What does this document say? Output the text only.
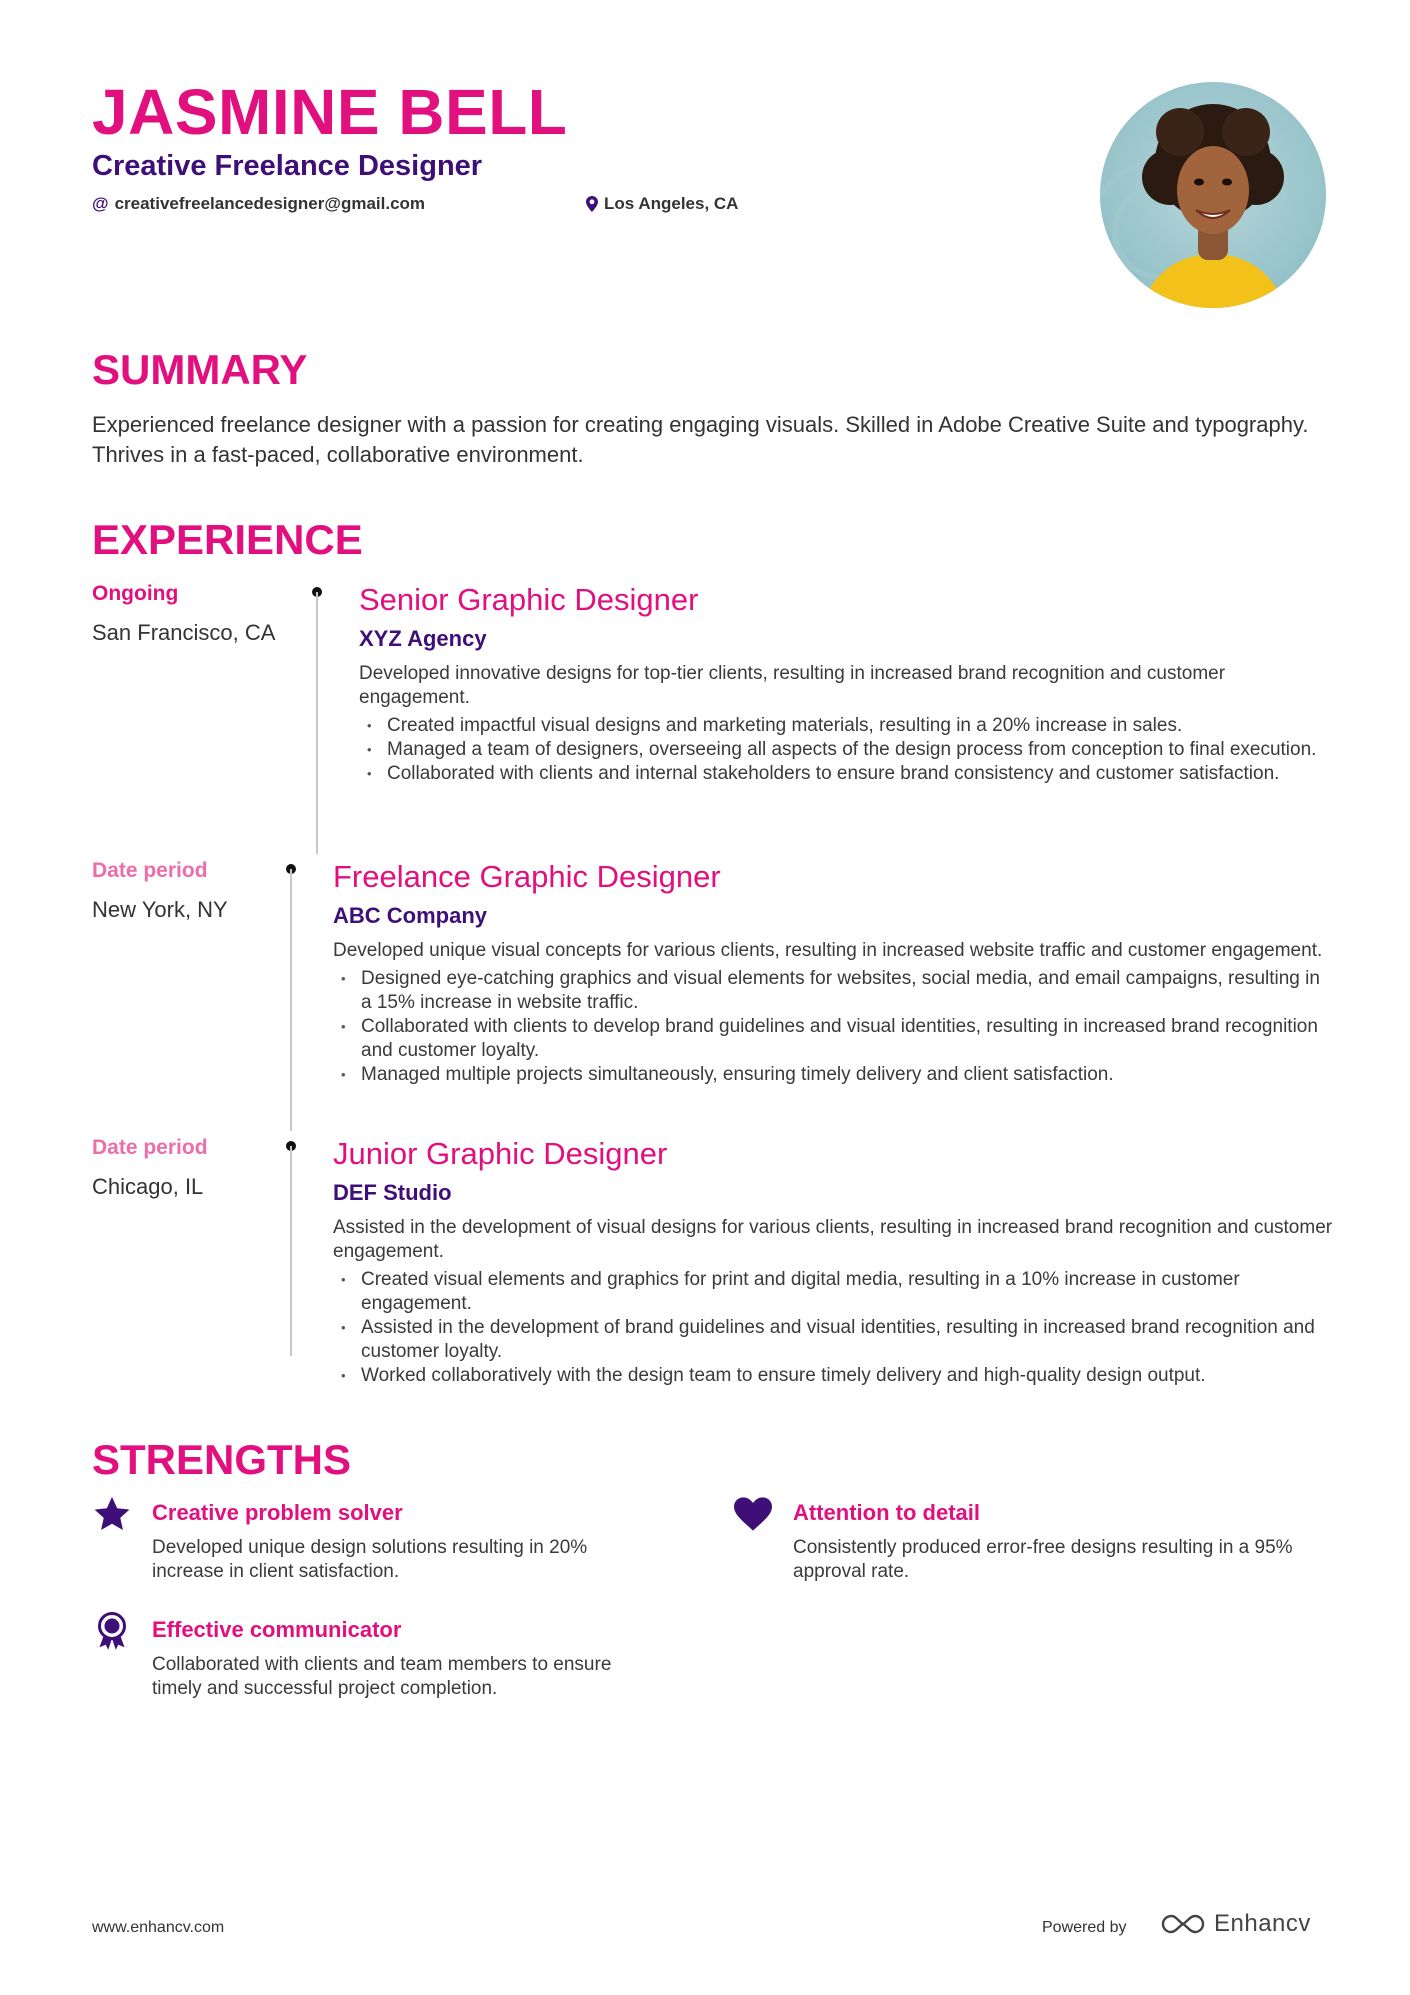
JASMINE BELL
Creative Freelance Designer
@ creativefreelancedesigner@gmail.com	Los Angeles, CA
SUMMARY
Experienced freelance designer with a passion for creating engaging visuals. Skilled in Adobe Creative Suite and typography. Thrives in a fast-paced, collaborative environment.
EXPERIENCE
Ongoing
San Francisco, CA
Senior Graphic Designer
XYZ Agency
Developed innovative designs for top-tier clients, resulting in increased brand recognition and customer engagement.
• Created impactful visual designs and marketing materials, resulting in a 20% increase in sales.
• Managed a team of designers, overseeing all aspects of the design process from conception to final execution.
• Collaborated with clients and internal stakeholders to ensure brand consistency and customer satisfaction.
Date period
New York, NY
Freelance Graphic Designer
ABC Company
Developed unique visual concepts for various clients, resulting in increased website traffic and customer engagement.
• Designed eye-catching graphics and visual elements for websites, social media, and email campaigns, resulting in a 15% increase in website traffic.
• Collaborated with clients to develop brand guidelines and visual identities, resulting in increased brand recognition and customer loyalty.
• Managed multiple projects simultaneously, ensuring timely delivery and client satisfaction.
Date period
Chicago, IL
Junior Graphic Designer
DEF Studio
Assisted in the development of visual designs for various clients, resulting in increased brand recognition and customer engagement.
• Created visual elements and graphics for print and digital media, resulting in a 10% increase in customer engagement.
• Assisted in the development of brand guidelines and visual identities, resulting in increased brand recognition and customer loyalty.
• Worked collaboratively with the design team to ensure timely delivery and high-quality design output.
STRENGTHS
Creative problem solver
Developed unique design solutions resulting in 20% increase in client satisfaction.
Attention to detail
Consistently produced error-free designs resulting in a 95% approval rate.
Effective communicator
Collaborated with clients and team members to ensure timely and successful project completion.
www.enhancv.com	Powered by	Enhancv
